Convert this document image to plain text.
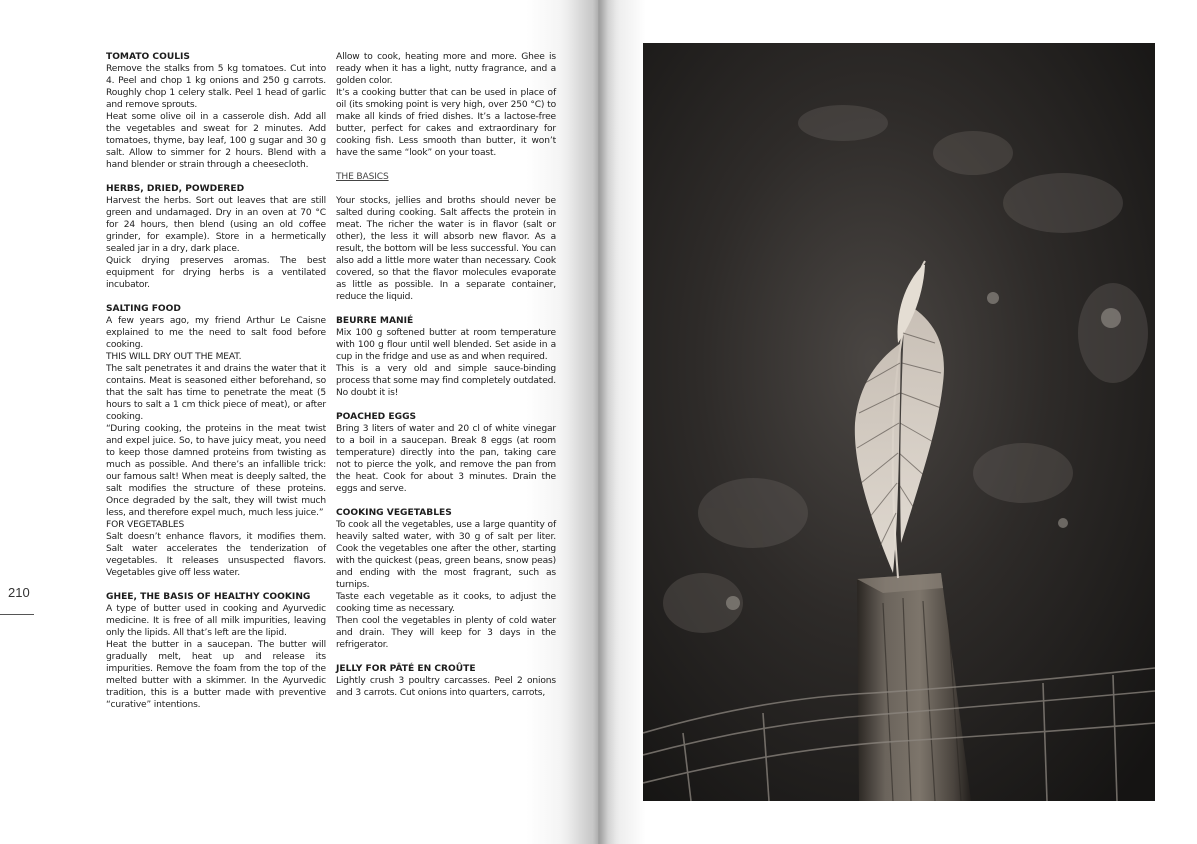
210

TOMATO COULIS

Remove the stalks from 5 kg tomatoes. Cut into 4. Peel and chop 1 kg onions and 250 g carrots. Roughly chop 1 celery stalk. Peel 1 head of garlic and remove sprouts.

Heat some olive oil in a casserole dish. Add all the vegetables and sweat for 2 minutes. Add tomatoes, thyme, bay leaf, 100 g sugar and 30 g salt. Allow to simmer for 2 hours. Blend with a hand blender or strain through a cheesecloth.

HERBS, DRIED, POWDERED

Harvest the herbs. Sort out leaves that are still green and undamaged. Dry in an oven at 70 °C for 24 hours, then blend (using an old coffee grinder, for example). Store in a hermetically sealed jar in a dry, dark place.

Quick drying preserves aromas. The best equipment for drying herbs is a ventilated incubator.

SALTING FOOD

A few years ago, my friend Arthur Le Caisne explained to me the need to salt food before cooking.

THIS WILL DRY OUT THE MEAT.

The salt penetrates it and drains the water that it contains. Meat is seasoned either beforehand, so that the salt has time to penetrate the meat (5 hours to salt a 1 cm thick piece of meat), or after cooking.

“During cooking, the proteins in the meat twist and expel juice. So, to have juicy meat, you need to keep those damned proteins from twisting as much as possible. And there’s an infallible trick: our famous salt! When meat is deeply salted, the salt modifies the structure of these proteins. Once degraded by the salt, they will twist much less, and therefore expel much, much less juice.”

FOR VEGETABLES

Salt doesn’t enhance flavors, it modifies them. Salt water accelerates the tenderization of vegetables. It releases unsuspected flavors. Vegetables give off less water.

GHEE, THE BASIS OF HEALTHY COOKING

A type of butter used in cooking and Ayurvedic medicine. It is free of all milk impurities, leaving only the lipids. All that’s left are the lipid.

Heat the butter in a saucepan. The butter will gradually melt, heat up and release its impurities. Remove the foam from the top of the melted butter with a skimmer. In the Ayurvedic tradition, this is a butter made with preventive “curative” intentions.

Allow to cook, heating more and more. Ghee is ready when it has a light, nutty fragrance, and a golden color.

It’s a cooking butter that can be used in place of oil (its smoking point is very high, over 250 °C) to make all kinds of fried dishes. It’s a lactose-free butter, perfect for cakes and extraordinary for cooking fish. Less smooth than butter, it won’t have the same “look” on your toast.

THE BASICS

Your stocks, jellies and broths should never be salted during cooking. Salt affects the protein in meat. The richer the water is in flavor (salt or other), the less it will absorb new flavor. As a result, the bottom will be less successful. You can also add a little more water than necessary. Cook covered, so that the flavor molecules evaporate as little as possible. In a separate container, reduce the liquid.

BEURRE MANIÉ

Mix 100 g softened butter at room temperature with 100 g flour until well blended. Set aside in a cup in the fridge and use as and when required.

This is a very old and simple sauce-binding process that some may find completely outdated. No doubt it is!

POACHED EGGS

Bring 3 liters of water and 20 cl of white vinegar to a boil in a saucepan. Break 8 eggs (at room temperature) directly into the pan, taking care not to pierce the yolk, and remove the pan from the heat. Cook for about 3 minutes. Drain the eggs and serve.

COOKING VEGETABLES

To cook all the vegetables, use a large quantity of heavily salted water, with 30 g of salt per liter. Cook the vegetables one after the other, starting with the quickest (peas, green beans, snow peas) and ending with the most fragrant, such as turnips.

Taste each vegetable as it cooks, to adjust the cooking time as necessary.

Then cool the vegetables in plenty of cold water and drain. They will keep for 3 days in the refrigerator.

JELLY FOR PÂTÉ EN CROÛTE

Lightly crush 3 poultry carcasses. Peel 2 onions and 3 carrots. Cut onions into quarters, carrots,
